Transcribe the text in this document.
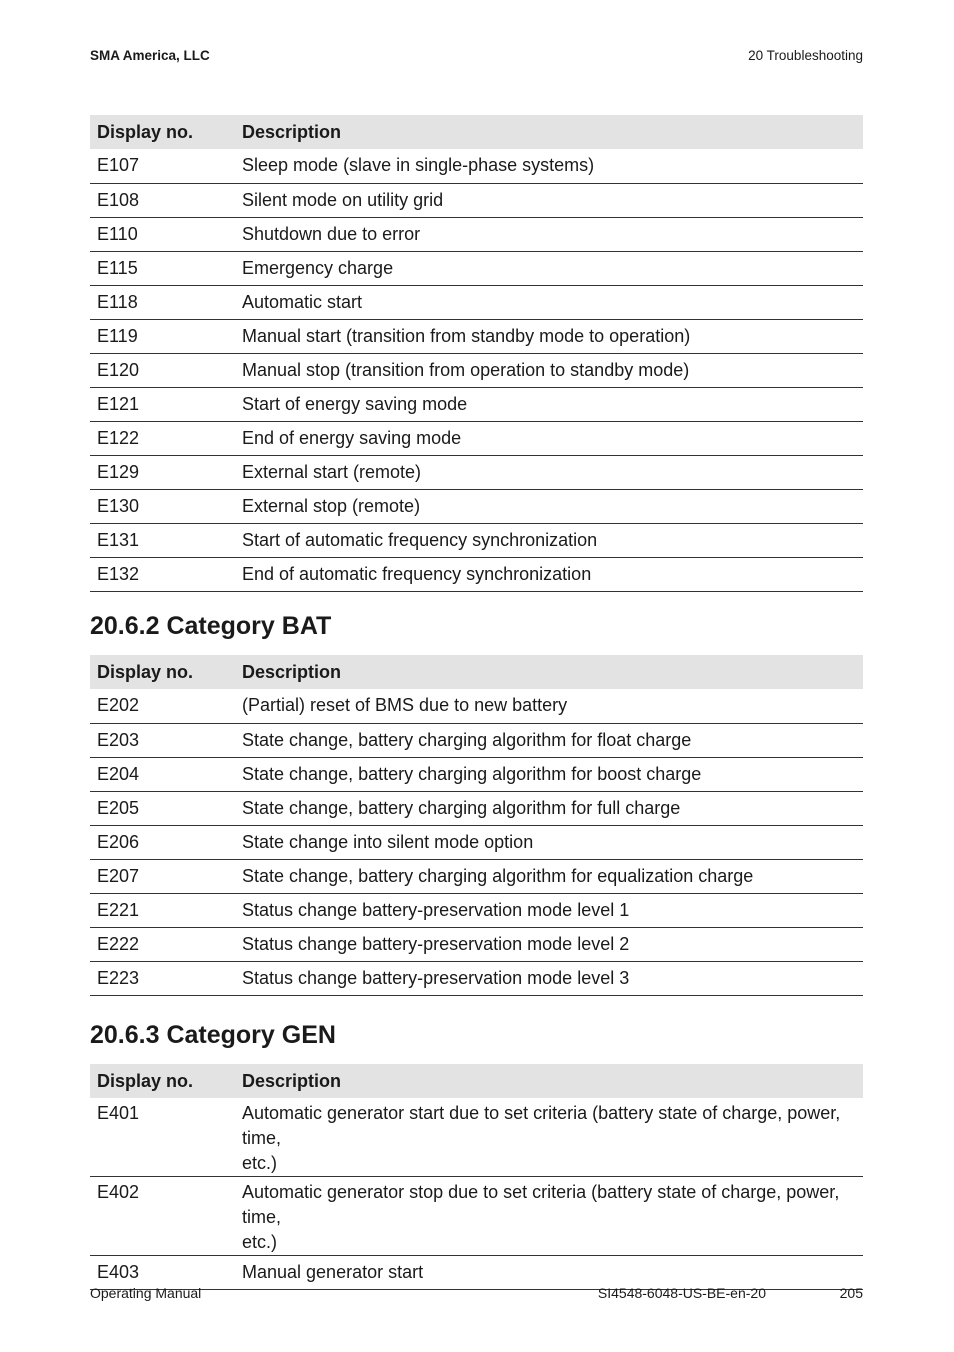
SMA America, LLC	20 Troubleshooting
Display no.	Description
E107	Sleep mode (slave in single-phase systems)
E108	Silent mode on utility grid
E110	Shutdown due to error
E115	Emergency charge
E118	Automatic start
E119	Manual start (transition from standby mode to operation)
E120	Manual stop (transition from operation to standby mode)
E121	Start of energy saving mode
E122	End of energy saving mode
E129	External start (remote)
E130	External stop (remote)
E131	Start of automatic frequency synchronization
E132	End of automatic frequency synchronization
20.6.2 Category BAT
Display no.	Description
E202	(Partial) reset of BMS due to new battery
E203	State change, battery charging algorithm for float charge
E204	State change, battery charging algorithm for boost charge
E205	State change, battery charging algorithm for full charge
E206	State change into silent mode option
E207	State change, battery charging algorithm for equalization charge
E221	Status change battery-preservation mode level 1
E222	Status change battery-preservation mode level 2
E223	Status change battery-preservation mode level 3
20.6.3 Category GEN
Display no.	Description
E401	Automatic generator start due to set criteria (battery state of charge, power, time,
etc.)

E402	Automatic generator stop due to set criteria (battery state of charge, power, time,
etc.)

E403	Manual generator start
Operating Manual	SI4548-6048-US-BE-en-20	205
